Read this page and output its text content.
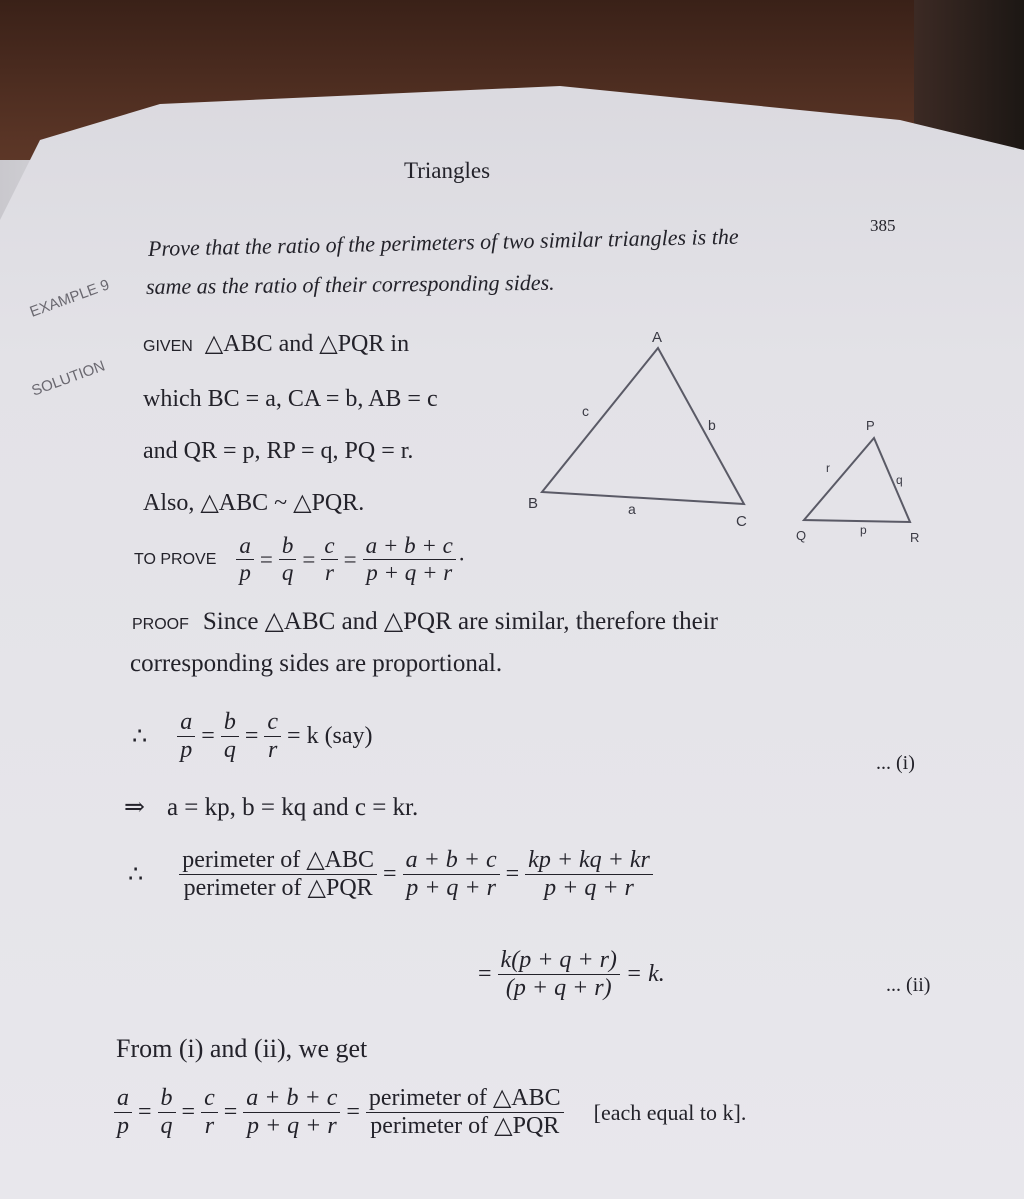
Triangles
385
EXAMPLE 9
Prove that the ratio of the perimeters of two similar triangles is the
same as the ratio of their corresponding sides.
SOLUTION
GIVEN △ABC and △PQR in
which BC = a, CA = b, AB = c
and QR = p, RP = q, PQ = r.
Also, △ABC ~ △PQR.
A
B
C
c
b
a
P
Q	R
r
q
p
TO PROVE $\frac{a}{p} = \frac{b}{q} = \frac{c}{r} = \frac{a + b + c}{p + q + r}$ ·
PROOF Since △ABC and △PQR are similar, therefore their
corresponding sides are proportional.
∴ $\frac{a}{p} = \frac{b}{q} = \frac{c}{r} = k$ (say)
... (i)
⇒ a = kp, b = kq and c = kr.
∴ $\frac{\text{perimeter of △ABC}}{\text{perimeter of △PQR}} = \frac{a + b + c}{p + q + r} = \frac{kp + kq + kr}{p + q + r}$
= $\frac{k(p + q + r)}{(p + q + r)} = k$.	... (ii)
From (i) and (ii), we get
$\frac{a}{p} = \frac{b}{q} = \frac{c}{r} = \frac{a + b + c}{p + q + r} = \frac{\text{perimeter of △ABC}}{\text{perimeter of △PQR}}$ [each equal to k].
